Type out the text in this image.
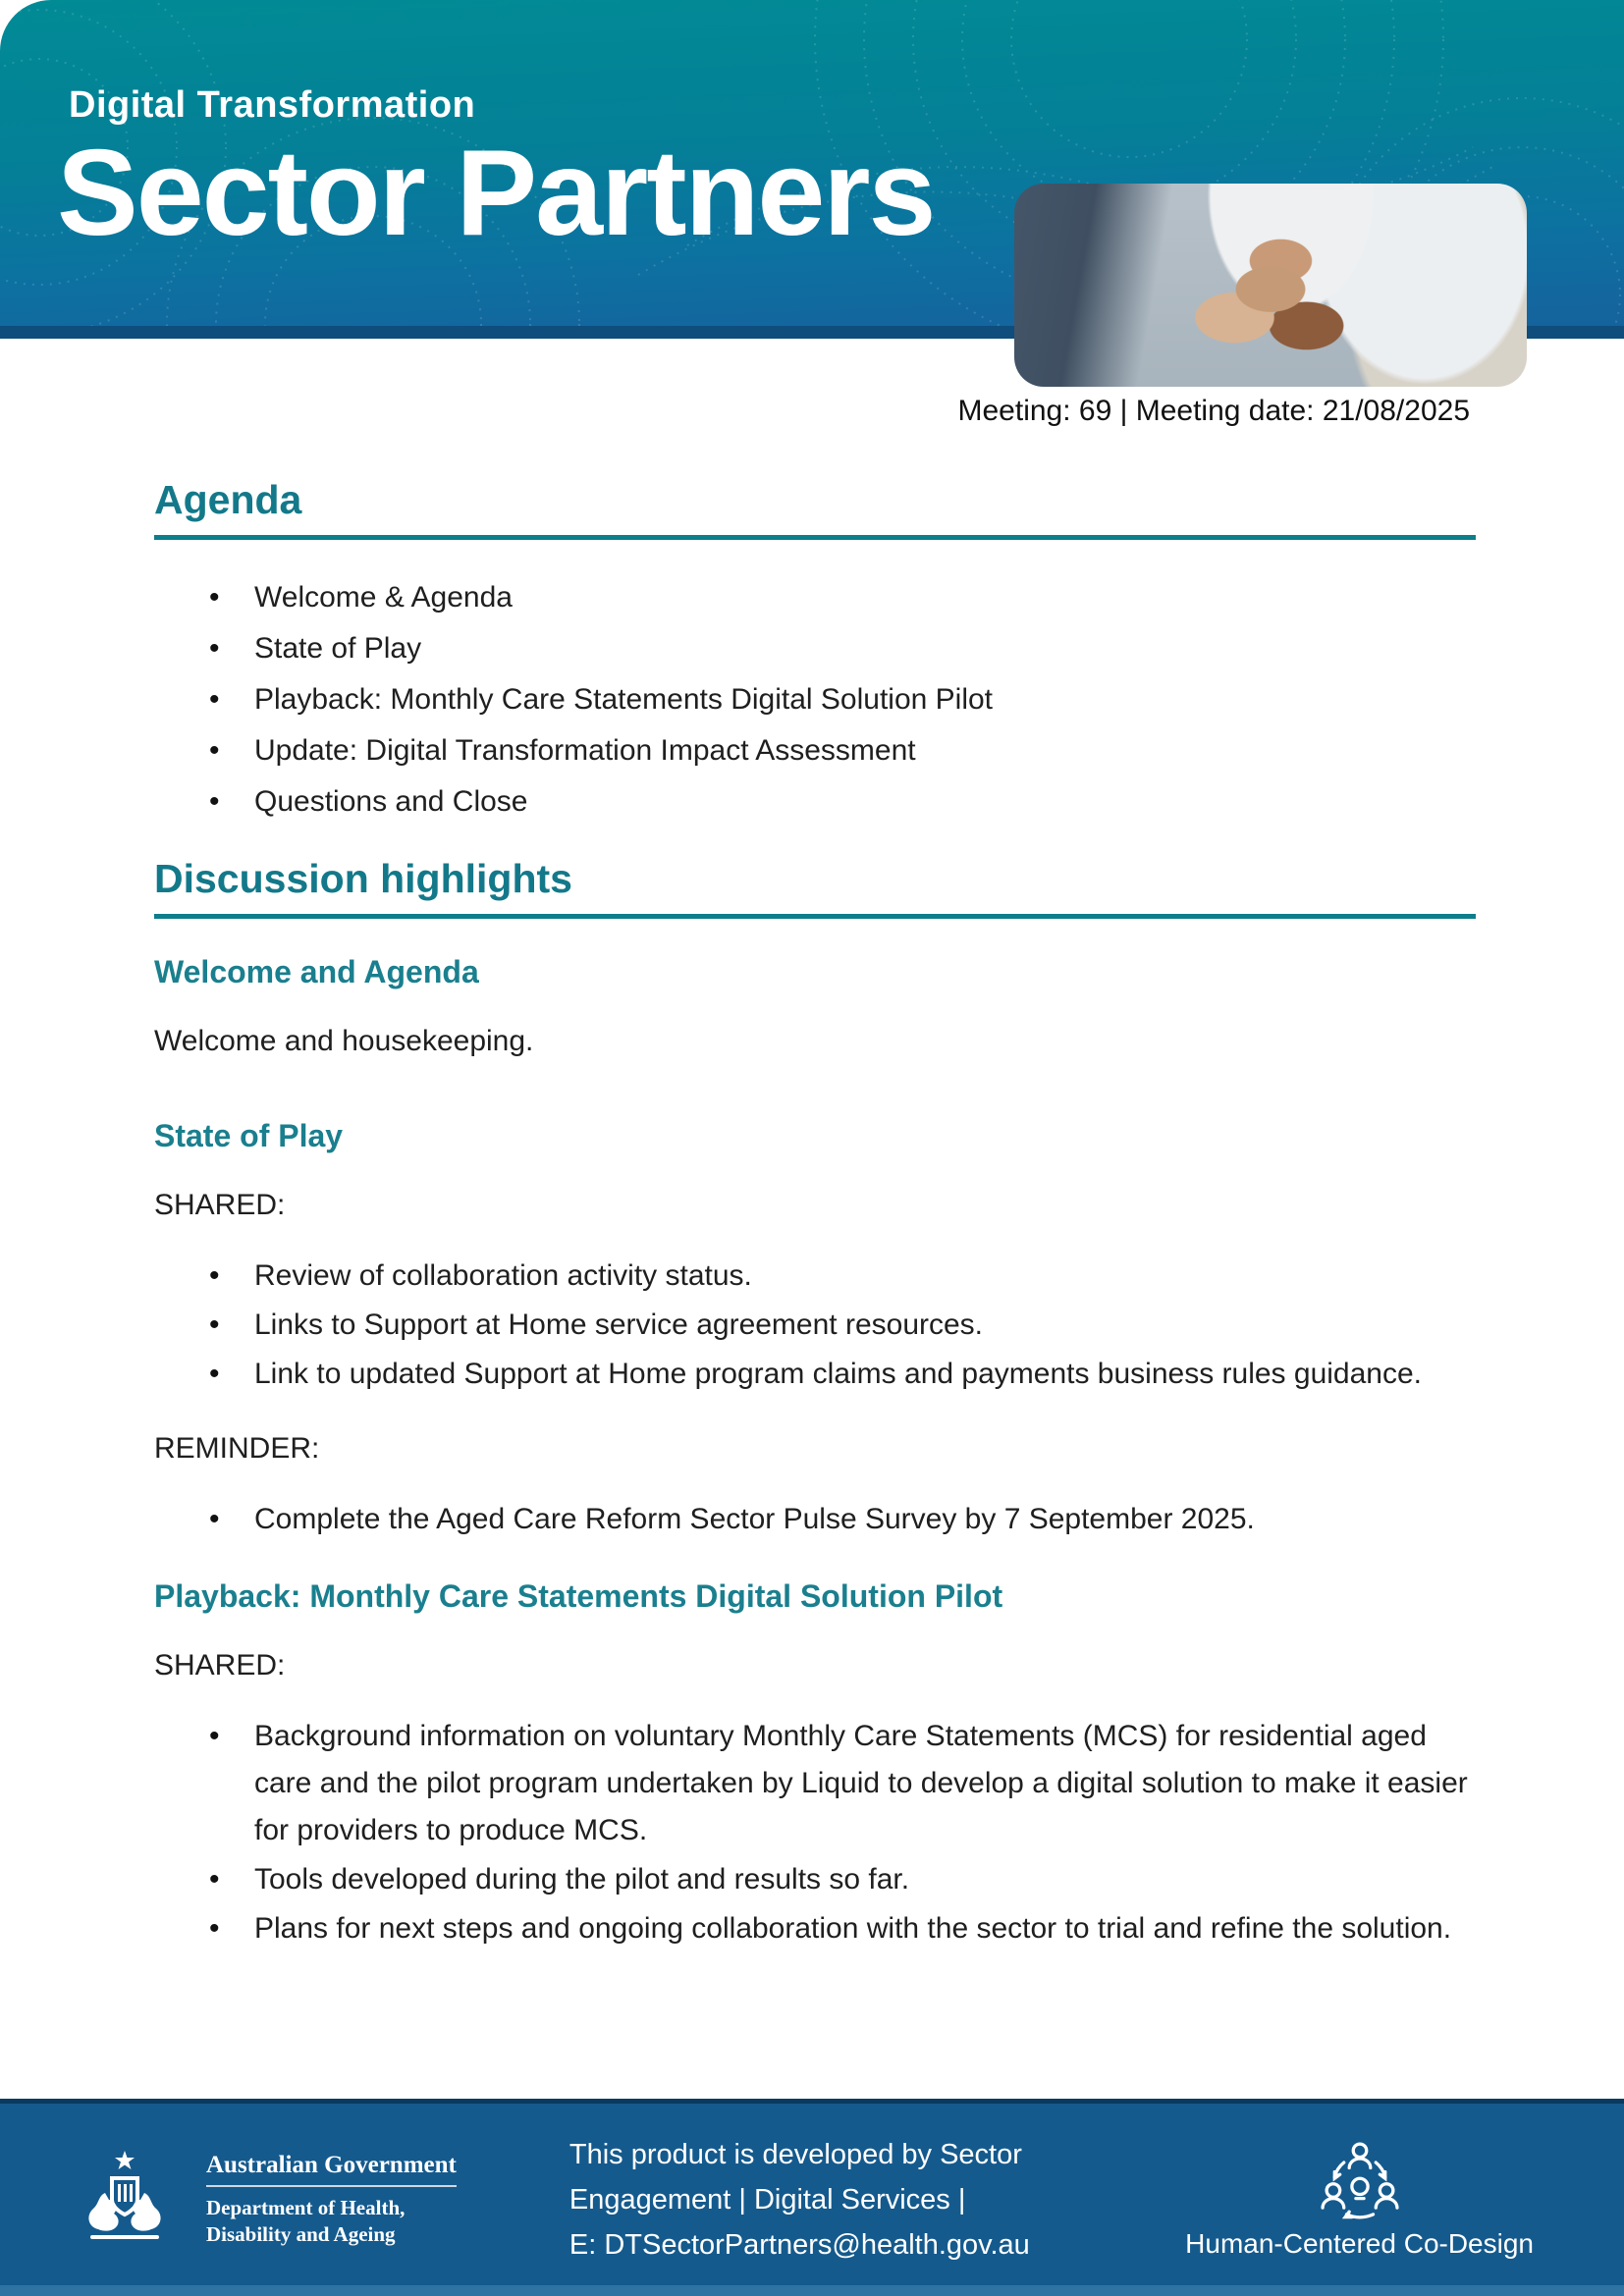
Digital Transformation
Sector Partners
Meeting: 69 | Meeting date: 21/08/2025
Agenda
• Welcome & Agenda
• State of Play
• Playback: Monthly Care Statements Digital Solution Pilot
• Update: Digital Transformation Impact Assessment
• Questions and Close
Discussion highlights
Welcome and Agenda

Welcome and housekeeping.

State of Play

SHARED:

• Review of collaboration activity status.
• Links to Support at Home service agreement resources.
• Link to updated Support at Home program claims and payments business rules guidance.

REMINDER:

• Complete the Aged Care Reform Sector Pulse Survey by 7 September 2025.
Playback: Monthly Care Statements Digital Solution Pilot

SHARED:

• Background information on voluntary Monthly Care Statements (MCS) for residential aged care and the pilot program undertaken by Liquid to develop a digital solution to make it easier for providers to produce MCS.
• Tools developed during the pilot and results so far.
• Plans for next steps and ongoing collaboration with the sector to trial and refine the solution.
Australian Government
Department of Health,
Disability and Ageing
This product is developed by Sector Engagement | Digital Services |
E: DTSectorPartners@health.gov.au	Human-Centered Co-Design
